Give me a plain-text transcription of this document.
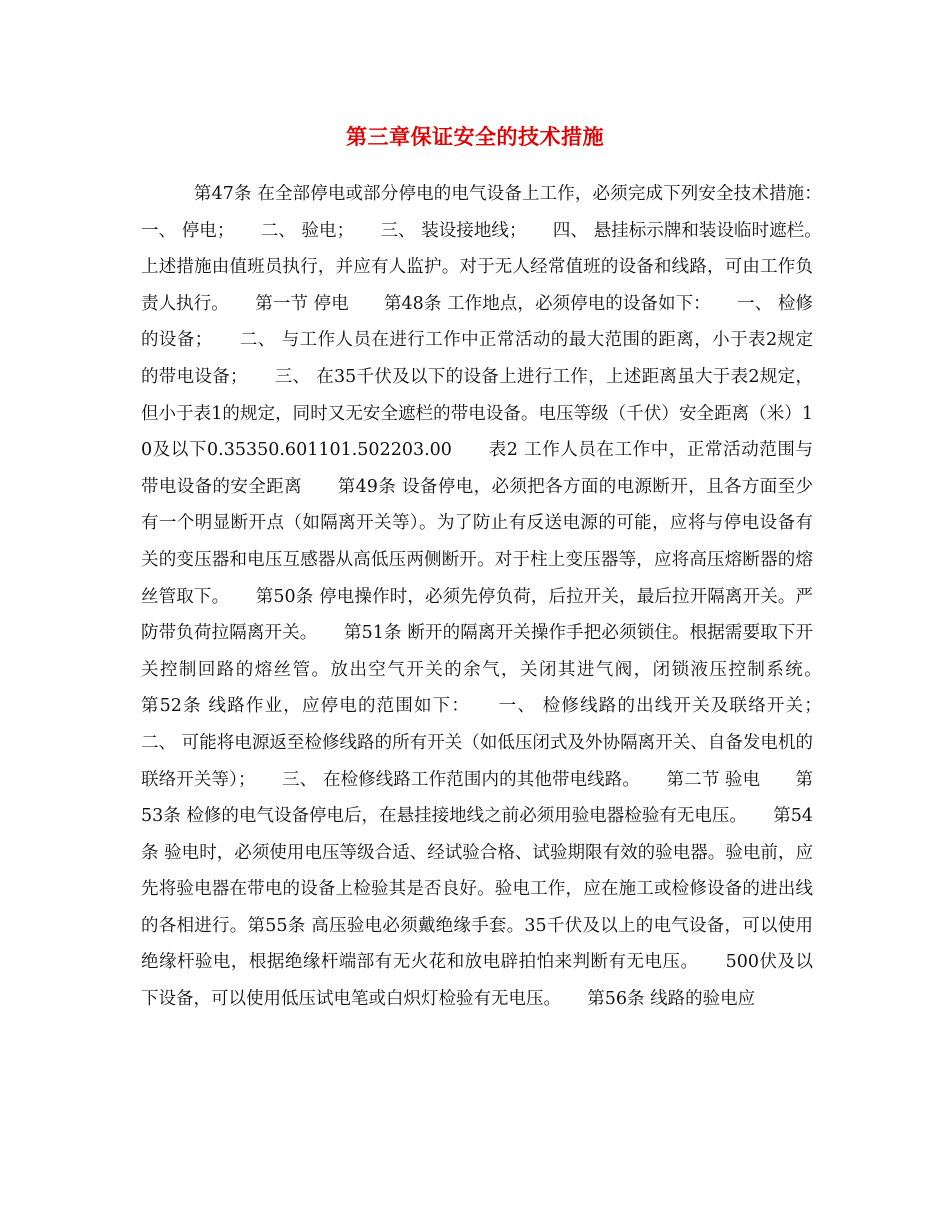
第三章保证安全的技术措施

　　　第47条 在全部停电或部分停电的电气设备上工作，必须完成下列安全技术措施：　　一、 停电；　　二、 验电；　　三、 装设接地线；　　四、 悬挂标示牌和装设临时遮栏。　　上述措施由值班员执行，并应有人监护。对于无人经常值班的设备和线路，可由工作负责人执行。　　第一节 停电　　第48条 工作地点，必须停电的设备如下：　　一、 检修的设备；　　二、 与工作人员在进行工作中正常活动的最大范围的距离，小于表2规定的带电设备；　　三、 在35千伏及以下的设备上进行工作，上述距离虽大于表2规定，但小于表1的规定，同时又无安全遮栏的带电设备。电压等级（千伏）安全距离（米）10及以下0.35350.601101.502203.00　　表2 工作人员在工作中，正常活动范围与带电设备的安全距离　　第49条 设备停电，必须把各方面的电源断开，且各方面至少有一个明显断开点（如隔离开关等）。为了防止有反送电源的可能，应将与停电设备有关的变压器和电压互感器从高低压两侧断开。对于柱上变压器等，应将高压熔断器的熔丝管取下。　　第50条 停电操作时，必须先停负荷，后拉开关，最后拉开隔离开关。严防带负荷拉隔离开关。　　第51条 断开的隔离开关操作手把必须锁住。根据需要取下开关控制回路的熔丝管。放出空气开关的余气，关闭其进气阀，闭锁液压控制系统。　　第52条 线路作业，应停电的范围如下：　　一、 检修线路的出线开关及联络开关；　　二、 可能将电源返至检修线路的所有开关（如低压闭式及外协隔离开关、自备发电机的联络开关等）；　　三、 在检修线路工作范围内的其他带电线路。　　第二节 验电　　第53条 检修的电气设备停电后，在悬挂接地线之前必须用验电器检验有无电压。　　第54条 验电时，必须使用电压等级合适、经试验合格、试验期限有效的验电器。验电前，应先将验电器在带电的设备上检验其是否良好。验电工作，应在施工或检修设备的进出线的各相进行。第55条 高压验电必须戴绝缘手套。35千伏及以上的电气设备，可以使用绝缘杆验电，根据绝缘杆端部有无火花和放电辟拍怕来判断有无电压。　　500伏及以下设备，可以使用低压试电笔或白炽灯检验有无电压。　　第56条 线路的验电应
